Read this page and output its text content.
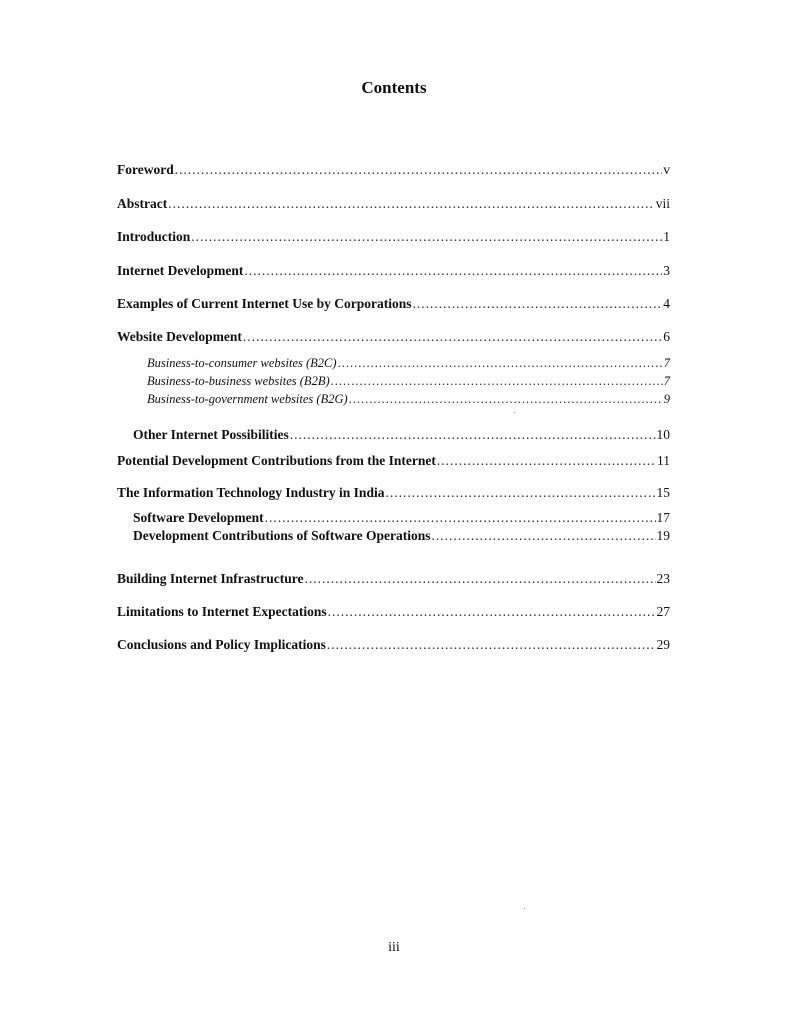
Contents
Foreword .....	v
Abstract .....	vii
Introduction .....	1
Internet Development .....	3
Examples of Current Internet Use by Corporations .....	4
Website Development .....	6
Business-to-consumer websites (B2C) .....	7
Business-to-business websites (B2B) .....	7
Business-to-government websites (B2G) .....	9
Other Internet Possibilities .....	10
Potential Development Contributions from the Internet .....	11
The Information Technology Industry in India .....	15
Software Development .....	17
Development Contributions of Software Operations .....	19
Building Internet Infrastructure .....	23
Limitations to Internet Expectations .....	27
Conclusions and Policy Implications .....	29
iii
